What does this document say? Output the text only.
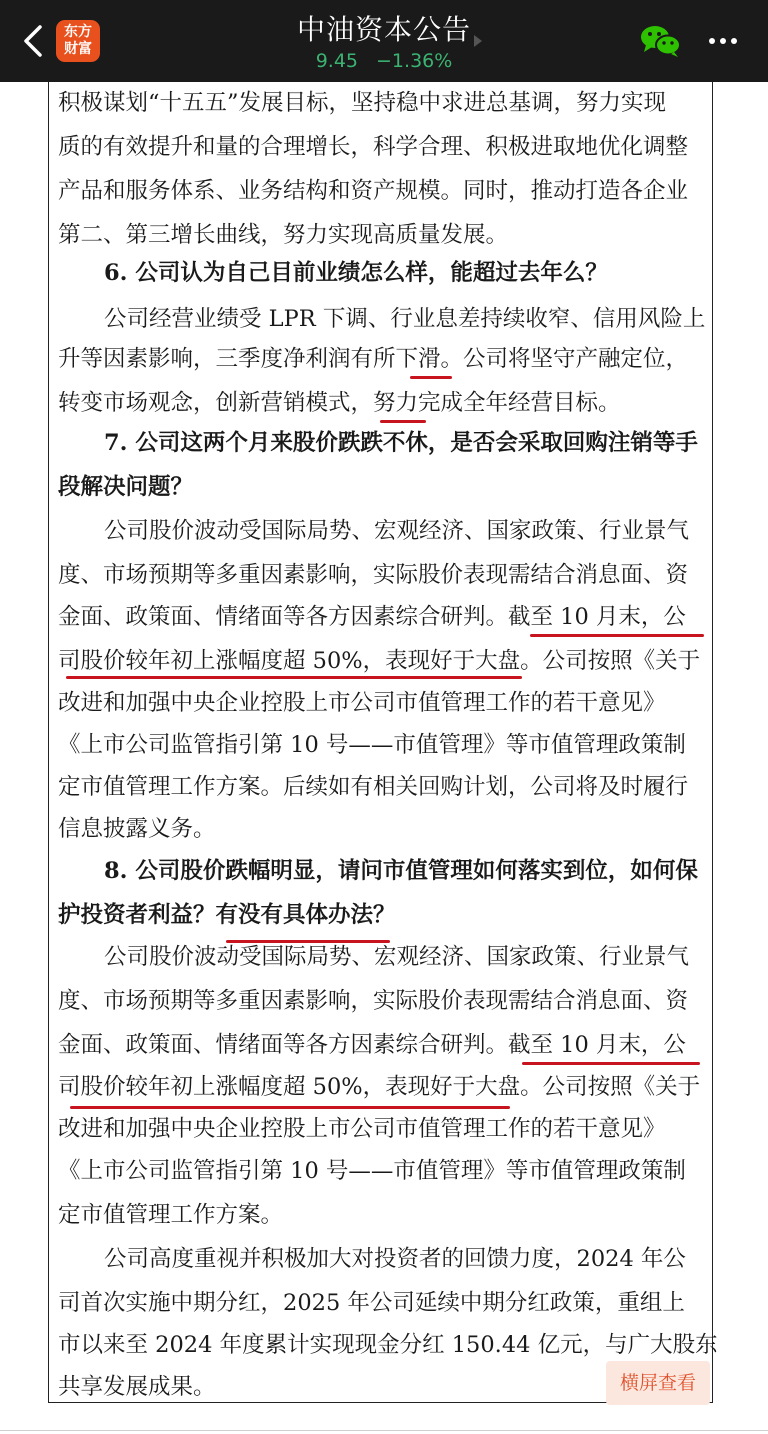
东方
财富
中油资本公告
9.45 −1.36%
积极谋划“十五五”发展目标，坚持稳中求进总基调，努力实现
质的有效提升和量的合理增长，科学合理、积极进取地优化调整
产品和服务体系、业务结构和资产规模。同时，推动打造各企业
第二、第三增长曲线，努力实现高质量发展。
6. 公司认为自己目前业绩怎么样，能超过去年么？
公司经营业绩受 LPR 下调、行业息差持续收窄、信用风险上
升等因素影响，三季度净利润有所下滑。公司将坚守产融定位，
转变市场观念，创新营销模式，努力完成全年经营目标。
7. 公司这两个月来股价跌跌不休，是否会采取回购注销等手
段解决问题？
公司股价波动受国际局势、宏观经济、国家政策、行业景气
度、市场预期等多重因素影响，实际股价表现需结合消息面、资
金面、政策面、情绪面等各方因素综合研判。截至 10 月末，公
司股价较年初上涨幅度超 50%，表现好于大盘。公司按照《关于
改进和加强中央企业控股上市公司市值管理工作的若干意见》
《上市公司监管指引第 10 号——市值管理》等市值管理政策制
定市值管理工作方案。后续如有相关回购计划，公司将及时履行
信息披露义务。
8. 公司股价跌幅明显，请问市值管理如何落实到位，如何保
护投资者利益？有没有具体办法？
公司股价波动受国际局势、宏观经济、国家政策、行业景气
度、市场预期等多重因素影响，实际股价表现需结合消息面、资
金面、政策面、情绪面等各方因素综合研判。截至 10 月末，公
司股价较年初上涨幅度超 50%，表现好于大盘。公司按照《关于
改进和加强中央企业控股上市公司市值管理工作的若干意见》
《上市公司监管指引第 10 号——市值管理》等市值管理政策制
定市值管理工作方案。
公司高度重视并积极加大对投资者的回馈力度，2024 年公
司首次实施中期分红，2025 年公司延续中期分红政策，重组上
市以来至 2024 年度累计实现现金分红 150.44 亿元，与广大股东
共享发展成果。	横屏查看
